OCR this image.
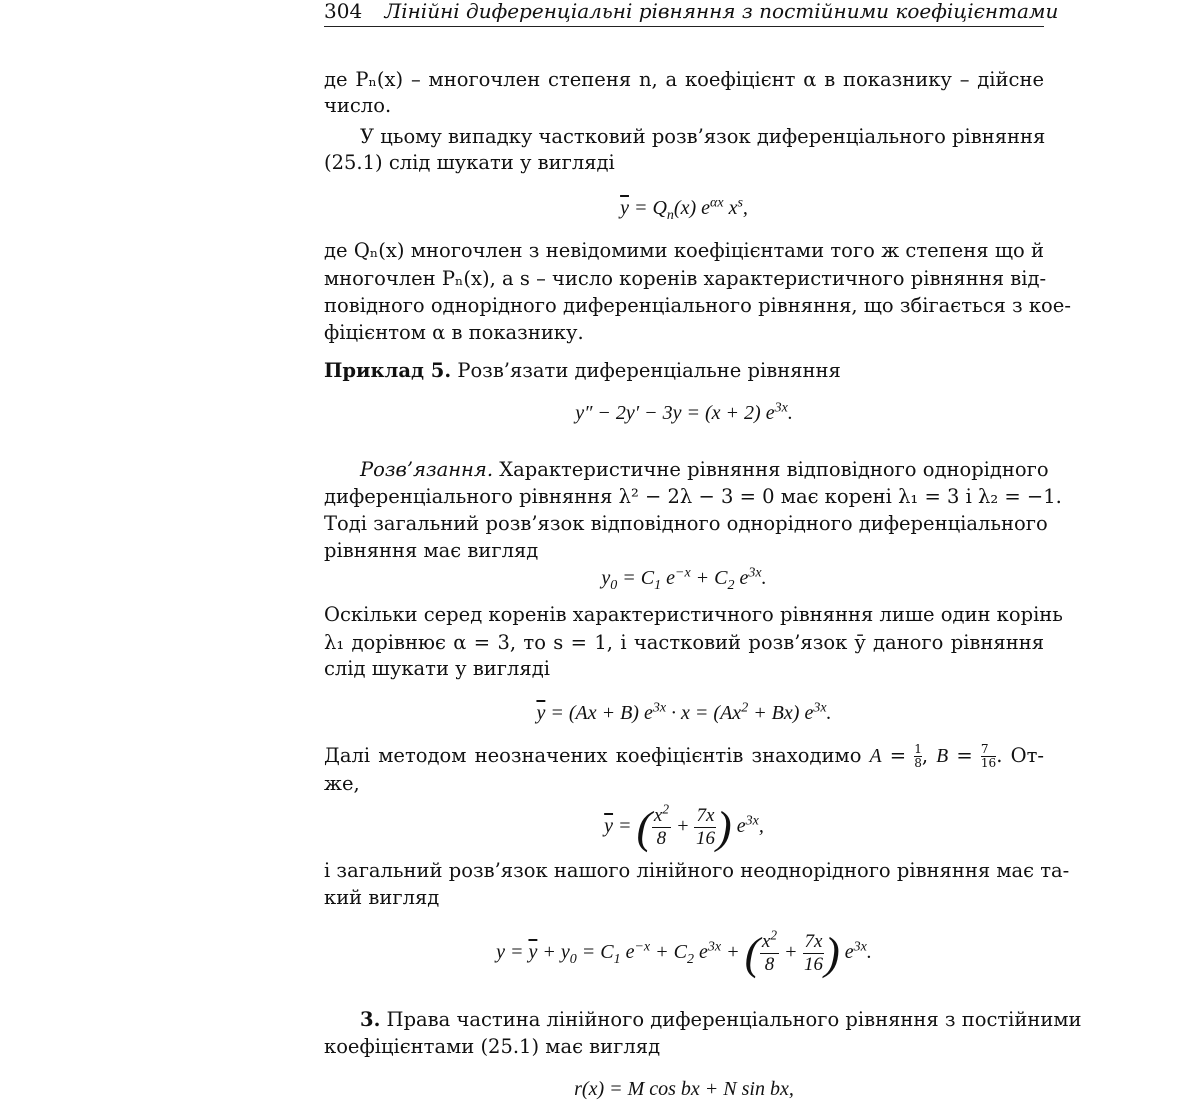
304 Лінійні диференціальні рівняння з постійними коефіцієнтами
де Pₙ(x) – многочлен степеня n, а коефіцієнт α в показнику – дійсне
число.
У цьому випадку частковий розв’язок диференціального рівняння
(25.1) слід шукати у вигляді
$\overline{y} = Q_n(x)$ $e^{\alpha x}$ $x^s$,
де Qₙ(x) многочлен з невідомими коефіцієнтами того ж степеня що й
многочлен Pₙ(x), а s – число коренів характеристичного рівняння від-
повідного однорідного диференціального рівняння, що збігається з кое-
фіцієнтом α в показнику.
Приклад 5. Розв’язати диференціальне рівняння
y″ − 2y′ − 3y = (x + 2) $e^{3x}$.
Розв’язання. Характеристичне рівняння відповідного однорідного
диференціального рівняння λ² − 2λ − 3 = 0 має корені λ₁ = 3 і λ₂ = −1.
Тоді загальний розв’язок відповідного однорідного диференціального
рівняння має вигляд
$y_0 = C_1$ $e^{-x} + C_2$ $e^{3x}$.
Оскільки серед коренів характеристичного рівняння лише один корінь
λ₁ дорівнює α = 3, то s = 1, і частковий розв’язок ȳ даного рівняння
слід шукати у вигляді
$\overline{y} = (Ax + B) e^{3x} \cdot x = (Ax^2 + Bx)$ $e^{3x}$.
Далі методом неозначених коефіцієнтів знаходимо $A = \frac{1}{8}$ , $B = \frac{7}{16}$ . От-
же,
$\overline{y}$ = ( $\frac{x^2}{8} + \frac{7x}{16}$ ) $e^{3x}$,
і загальний розв’язок нашого лінійного неоднорідного рівняння має та-
кий вигляд
$y = \overline{y} + y_0 = C_1$ $e^{-x} + C_2$ $e^{3x}$ + ( $\frac{x^2}{8} + \frac{7x}{16}$ ) $e^{3x}$.
3. Права частина лінійного диференціального рівняння з постійними
коефіцієнтами (25.1) має вигляд
r(x) = M cos bx + N sin bx,
